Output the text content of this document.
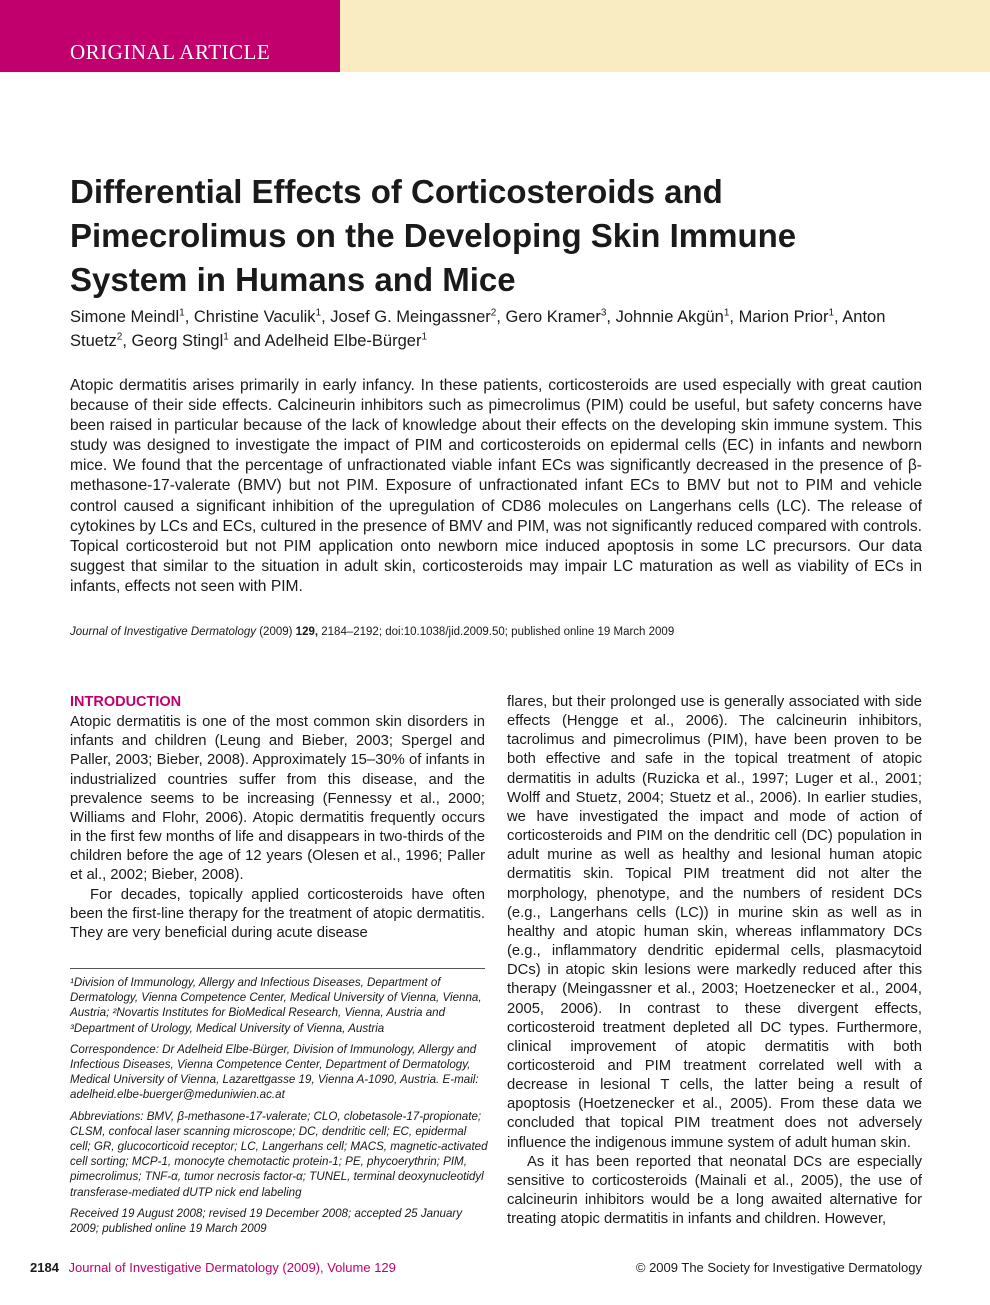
ORIGINAL ARTICLE
Differential Effects of Corticosteroids and Pimecrolimus on the Developing Skin Immune System in Humans and Mice
Simone Meindl$^1$, Christine Vaculik$^1$, Josef G. Meingassner$^2$, Gero Kramer$^3$, Johnnie Akgün$^1$, Marion Prior$^1$, Anton Stuetz$^2$, Georg Stingl$^1$ and Adelheid Elbe-Bürger$^1$

Atopic dermatitis arises primarily in early infancy. In these patients, corticosteroids are used especially with great caution because of their side effects. Calcineurin inhibitors such as pimecrolimus (PIM) could be useful, but safety concerns have been raised in particular because of the lack of knowledge about their effects on the developing skin immune system. This study was designed to investigate the impact of PIM and corticosteroids on epidermal cells (EC) in infants and newborn mice. We found that the percentage of unfractionated viable infant ECs was significantly decreased in the presence of β-methasone-17-valerate (BMV) but not PIM. Exposure of unfractionated infant ECs to BMV but not to PIM and vehicle control caused a significant inhibition of the upregulation of CD86 molecules on Langerhans cells (LC). The release of cytokines by LCs and ECs, cultured in the presence of BMV and PIM, was not significantly reduced compared with controls. Topical corticosteroid but not PIM application onto newborn mice induced apoptosis in some LC precursors. Our data suggest that similar to the situation in adult skin, corticosteroids may impair LC maturation as well as viability of ECs in infants, effects not seen with PIM.

Journal of Investigative Dermatology (2009) 129, 2184–2192; doi:10.1038/jid.2009.50; published online 19 March 2009
INTRODUCTION

Atopic dermatitis is one of the most common skin disorders in infants and children (Leung and Bieber, 2003; Spergel and Paller, 2003; Bieber, 2008). Approximately 15–30% of infants in industrialized countries suffer from this disease, and the prevalence seems to be increasing (Fennessy et al., 2000; Williams and Flohr, 2006). Atopic dermatitis frequently occurs in the first few months of life and disappears in two-thirds of the children before the age of 12 years (Olesen et al., 1996; Paller et al., 2002; Bieber, 2008).

For decades, topically applied corticosteroids have often been the first-line therapy for the treatment of atopic dermatitis. They are very beneficial during acute disease

¹Division of Immunology, Allergy and Infectious Diseases, Department of Dermatology, Vienna Competence Center, Medical University of Vienna, Vienna, Austria; ²Novartis Institutes for BioMedical Research, Vienna, Austria and ³Department of Urology, Medical University of Vienna, Austria

Correspondence: Dr Adelheid Elbe-Bürger, Division of Immunology, Allergy and Infectious Diseases, Vienna Competence Center, Department of Dermatology, Medical University of Vienna, Lazarettgasse 19, Vienna A-1090, Austria. E-mail: adelheid.elbe-buerger@meduniwien.ac.at

Abbreviations: BMV, β-methasone-17-valerate; CLO, clobetasole-17-propionate; CLSM, confocal laser scanning microscope; DC, dendritic cell; EC, epidermal cell; GR, glucocorticoid receptor; LC, Langerhans cell; MACS, magnetic-activated cell sorting; MCP-1, monocyte chemotactic protein-1; PE, phycoerythrin; PIM, pimecrolimus; TNF-α, tumor necrosis factor-α; TUNEL, terminal deoxynucleotidyl transferase-mediated dUTP nick end labeling

Received 19 August 2008; revised 19 December 2008; accepted 25 January 2009; published online 19 March 2009

flares, but their prolonged use is generally associated with side effects (Hengge et al., 2006). The calcineurin inhibitors, tacrolimus and pimecrolimus (PIM), have been proven to be both effective and safe in the topical treatment of atopic dermatitis in adults (Ruzicka et al., 1997; Luger et al., 2001; Wolff and Stuetz, 2004; Stuetz et al., 2006). In earlier studies, we have investigated the impact and mode of action of corticosteroids and PIM on the dendritic cell (DC) population in adult murine as well as healthy and lesional human atopic dermatitis skin. Topical PIM treatment did not alter the morphology, phenotype, and the numbers of resident DCs (e.g., Langerhans cells (LC)) in murine skin as well as in healthy and atopic human skin, whereas inflammatory DCs (e.g., inflammatory dendritic epidermal cells, plasmacytoid DCs) in atopic skin lesions were markedly reduced after this therapy (Meingassner et al., 2003; Hoetzenecker et al., 2004, 2005, 2006). In contrast to these divergent effects, corticosteroid treatment depleted all DC types. Furthermore, clinical improvement of atopic dermatitis with both corticosteroid and PIM treatment correlated well with a decrease in lesional T cells, the latter being a result of apoptosis (Hoetzenecker et al., 2005). From these data we concluded that topical PIM treatment does not adversely influence the indigenous immune system of adult human skin.

As it has been reported that neonatal DCs are especially sensitive to corticosteroids (Mainali et al., 2005), the use of calcineurin inhibitors would be a long awaited alternative for treating atopic dermatitis in infants and children. However,

2184 Journal of Investigative Dermatology (2009), Volume 129	© 2009 The Society for Investigative Dermatology
